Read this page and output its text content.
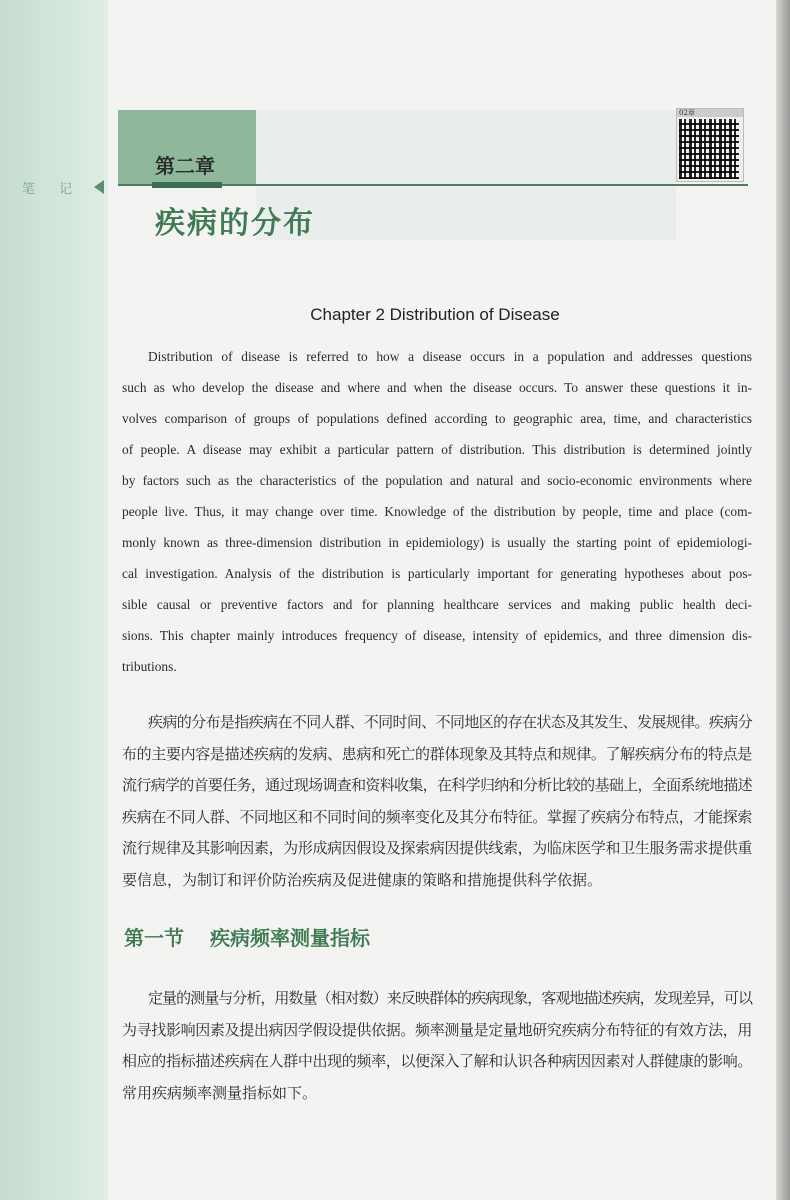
笔 记
第二章
疾病的分布
02章
Chapter 2 Distribution of Disease
Distribution of disease is referred to how a disease occurs in a population and addresses questions
such as who develop the disease and where and when the disease occurs. To answer these questions it in-
volves comparison of groups of populations defined according to geographic area, time, and characteristics
of people. A disease may exhibit a particular pattern of distribution. This distribution is determined jointly
by factors such as the characteristics of the population and natural and socio-economic environments where
people live. Thus, it may change over time. Knowledge of the distribution by people, time and place (com-
monly known as three-dimension distribution in epidemiology) is usually the starting point of epidemiologi-
cal investigation. Analysis of the distribution is particularly important for generating hypotheses about pos-
sible causal or preventive factors and for planning healthcare services and making public health deci-
sions. This chapter mainly introduces frequency of disease, intensity of epidemics, and three dimension dis-
tributions.
疾病的分布是指疾病在不同人群、不同时间、不同地区的存在状态及其发生、发展规律。疾病分
布的主要内容是描述疾病的发病、患病和死亡的群体现象及其特点和规律。了解疾病分布的特点是
流行病学的首要任务，通过现场调查和资料收集，在科学归纳和分析比较的基础上，全面系统地描述
疾病在不同人群、不同地区和不同时间的频率变化及其分布特征。掌握了疾病分布特点，才能探索
流行规律及其影响因素，为形成病因假设及探索病因提供线索，为临床医学和卫生服务需求提供重
要信息，为制订和评价防治疾病及促进健康的策略和措施提供科学依据。
第一节 疾病频率测量指标
定量的测量与分析，用数量（相对数）来反映群体的疾病现象，客观地描述疾病，发现差异，可以
为寻找影响因素及提出病因学假设提供依据。频率测量是定量地研究疾病分布特征的有效方法，用
相应的指标描述疾病在人群中出现的频率，以便深入了解和认识各种病因因素对人群健康的影响。
常用疾病频率测量指标如下。
